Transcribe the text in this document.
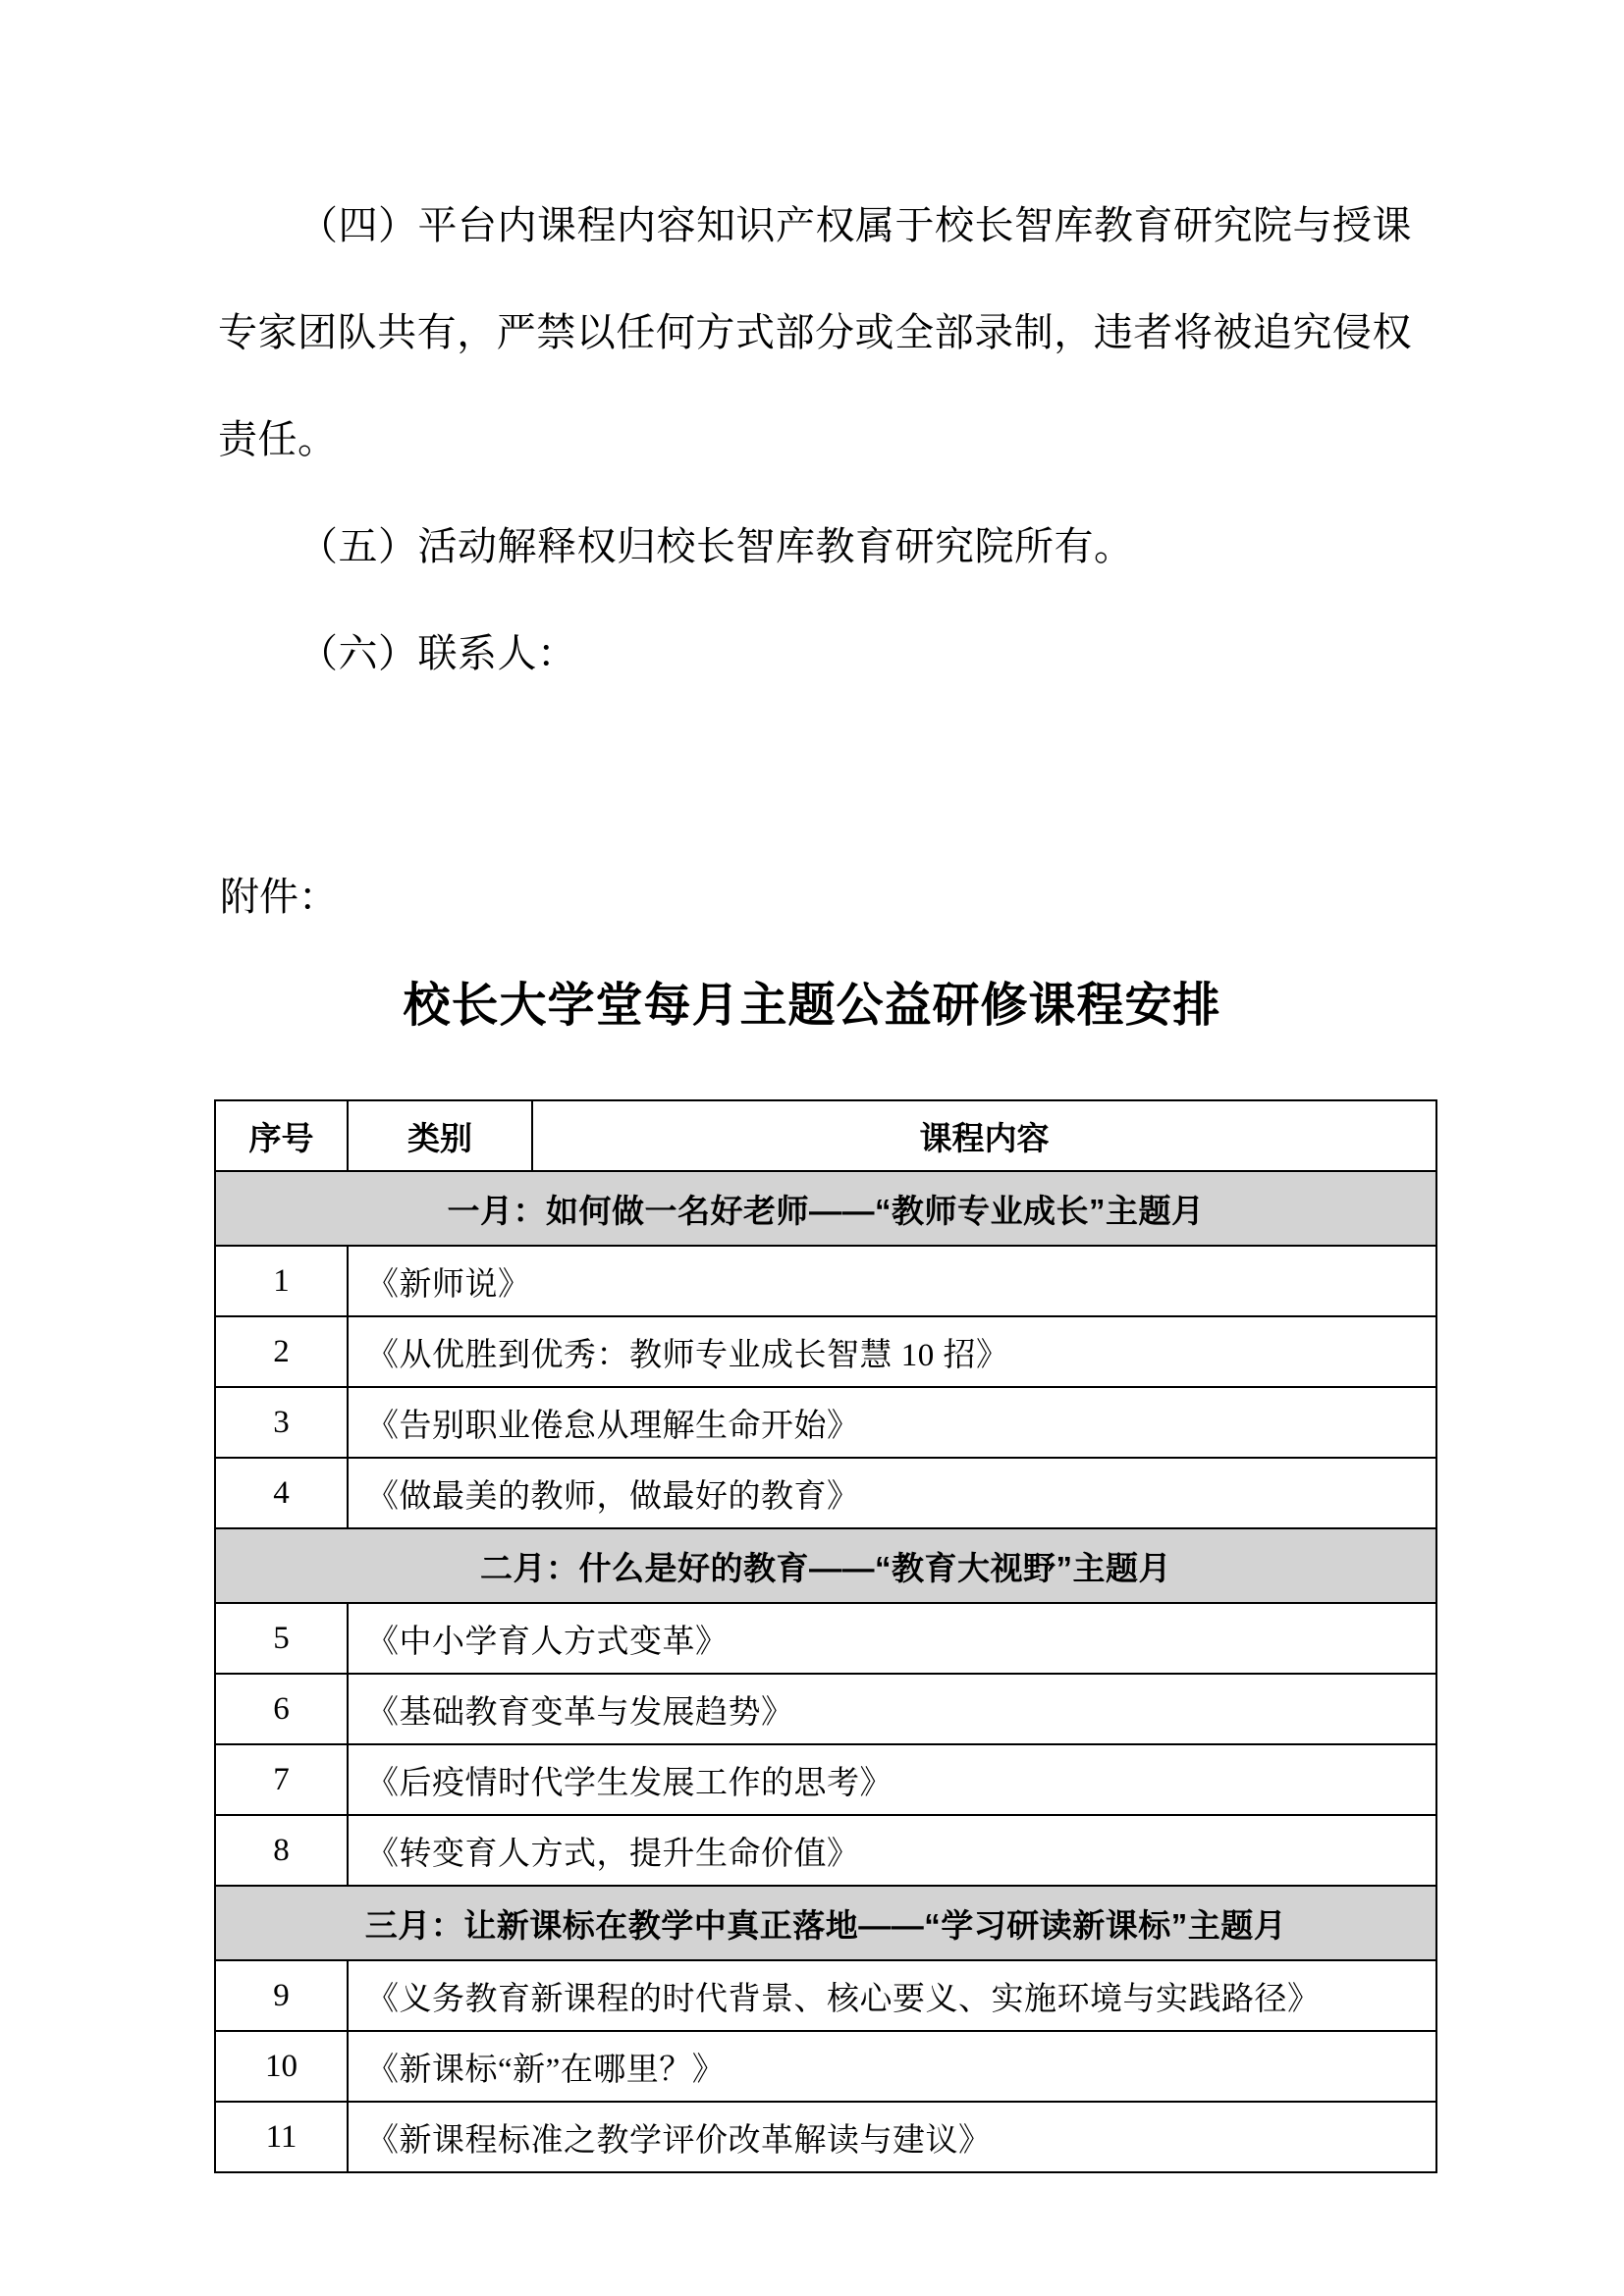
（四）平台内课程内容知识产权属于校长智库教育研究院与授课专家团队共有，严禁以任何方式部分或全部录制，违者将被追究侵权责任。

（五）活动解释权归校长智库教育研究院所有。

（六）联系人：

附件：
校长大学堂每月主题公益研修课程安排
序号	类别	课程内容
一月：如何做一名好老师——“教师专业成长”主题月		
1	《新师说》	
2	《从优胜到优秀：教师专业成长智慧 10 招》	
3	《告别职业倦怠从理解生命开始》	
4	《做最美的教师，做最好的教育》	
二月：什么是好的教育——“教育大视野”主题月		
5	《中小学育人方式变革》	
6	《基础教育变革与发展趋势》	
7	《后疫情时代学生发展工作的思考》	
8	《转变育人方式，提升生命价值》	
三月：让新课标在教学中真正落地——“学习研读新课标”主题月		
9	《义务教育新课程的时代背景、核心要义、实施环境与实践路径》	
10	《新课标“新”在哪里？》	
11	《新课程标准之教学评价改革解读与建议》	
